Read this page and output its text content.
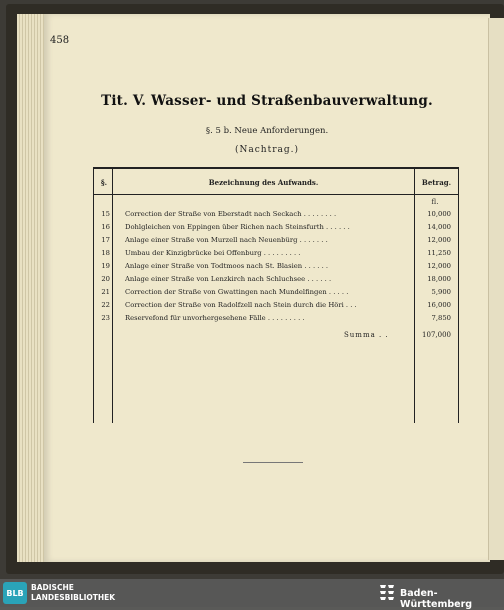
458
Tit. V. Wasser- und Straßenbauverwaltung.
§. 5 b. Neue Anforderungen.
(Nachtrag.)
§.	Bezeichnung des Aufwands.	Betrag.
fl.
15 Correction der Straße von Eberstadt nach Seckach . . . . . . . .	10,000
16 Dohlgleichen von Eppingen über Richen nach Steinsfurth . . . . . .	14,000
17 Anlage einer Straße von Murzell nach Neuenbürg . . . . . . .	12,000
18 Umbau der Kinzigbrücke bei Offenburg . . . . . . . . .	11,250
19 Anlage einer Straße von Todtmoos nach St. Blasien . . . . . .	12,000
20 Anlage einer Straße von Lenzkirch nach Schluchsee . . . . . .	18,000
21 Correction der Straße von Gwattingen nach Mundelfingen . . . . .	5,900
22 Correction der Straße von Radolfzell nach Stein durch die Höri . . .	16,000
23 Reservefond für unvorhergesehene Fälle . . . . . . . . .	7,850
Summa . .	107,000
BLB
BADISCHE
LANDESBIBLIOTHEK	Baden-Württemberg
